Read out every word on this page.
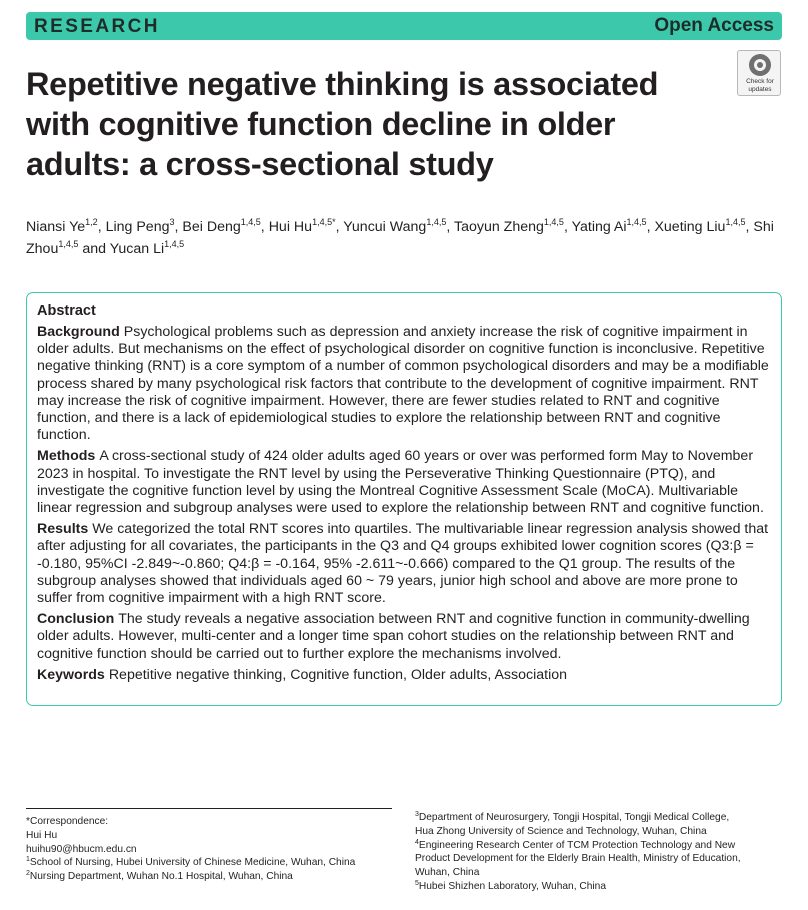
RESEARCH	Open Access
Check for
updates
Repetitive negative thinking is associated with cognitive function decline in older adults: a cross-sectional study
Niansi Ye$^{1,2}$, Ling Peng$^3$, Bei Deng$^{1,4,5}$, Hui $Hu^{1,4,5*}$, Yuncui Wang$^{1,4,5}$, Taoyun Zheng$^{1,4,5}$, Yating Ai$^{1,4,5}$, Xueting Liu$^{1,4,5}$, Shi Zhou$^{1,4,5}$ and Yucan Li$^{1,4,5}$
Abstract
Background Psychological problems such as depression and anxiety increase the risk of cognitive impairment in older adults. But mechanisms on the effect of psychological disorder on cognitive function is inconclusive. Repetitive negative thinking (RNT) is a core symptom of a number of common psychological disorders and may be a modifiable process shared by many psychological risk factors that contribute to the development of cognitive impairment. RNT may increase the risk of cognitive impairment. However, there are fewer studies related to RNT and cognitive function, and there is a lack of epidemiological studies to explore the relationship between RNT and cognitive function.
Methods A cross-sectional study of 424 older adults aged 60 years or over was performed form May to November 2023 in hospital. To investigate the RNT level by using the Perseverative Thinking Questionnaire (PTQ), and investigate the cognitive function level by using the Montreal Cognitive Assessment Scale (MoCA). Multivariable linear regression and subgroup analyses were used to explore the relationship between RNT and cognitive function.
Results We categorized the total RNT scores into quartiles. The multivariable linear regression analysis showed that after adjusting for all covariates, the participants in the Q3 and Q4 groups exhibited lower cognition scores (Q3:β = -0.180, 95%CI -2.849~-0.860; Q4:β = -0.164, 95% -2.611~-0.666) compared to the Q1 group. The results of the subgroup analyses showed that individuals aged 60 ~ 79 years, junior high school and above are more prone to suffer from cognitive impairment with a high RNT score.
Conclusion The study reveals a negative association between RNT and cognitive function in community-dwelling older adults. However, multi-center and a longer time span cohort studies on the relationship between RNT and cognitive function should be carried out to further explore the mechanisms involved.
Keywords Repetitive negative thinking, Cognitive function, Older adults, Association
*Correspondence:
Hui Hu
huihu90@hbucm.edu.cn
$^1$School of Nursing, Hubei University of Chinese Medicine, Wuhan, China
$^2$Nursing Department, Wuhan No.1 Hospital, Wuhan, China
$^3$Department of Neurosurgery, Tongji Hospital, Tongji Medical College,
Hua Zhong University of Science and Technology, Wuhan, China
$^4$Engineering Research Center of TCM Protection Technology and New
Product Development for the Elderly Brain Health, Ministry of Education,
Wuhan, China
$^5$Hubei Shizhen Laboratory, Wuhan, China
